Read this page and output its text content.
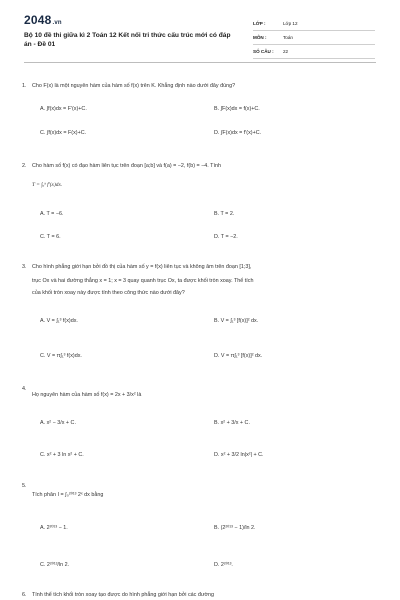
2048.vn
Bộ 10 đề thi giữa kì 2 Toán 12 Kết nối tri thức cấu trúc mới có đáp án - Đề 01
LỚP :	Lớp 12
MÔN :	Toán
SỐ CÂU :	22
1. Cho F(x) là một nguyên hàm của hàm số f(x) trên K. Khẳng định nào dưới đây đúng?
A. ∫f(x)dx = F′(x)+C.	B. ∫F(x)dx = f(x)+C.
C. ∫f(x)dx = F(x)+C.	D. ∫F(x)dx = f′(x)+C.
2. Cho hàm số f(x) có đạo hàm liên tục trên đoạn [a;b] và f(a) = −2, f(b) = −4. Tính
T = ∫ₐᵇ f′(x)dx.
A. T = −6.	B. T = 2.
C. T = 6.	D. T = −2.
3. Cho hình phẳng giới hạn bởi đồ thị của hàm số y = f(x) liên tục và không âm trên đoạn [1;3],
trục Ox và hai đường thẳng x = 1; x = 3 quay quanh trục Ox, ta được khối tròn xoay. Thể tích
của khối tròn xoay này được tính theo công thức nào dưới đây?
A. V = ∫₁³ f(x)dx.	B. V = ∫₁³ [f(x)]² dx.
C. V = π∫₁³ f(x)dx.	D. V = π∫₁³ [f(x)]² dx.
4.
Họ nguyên hàm của hàm số f(x) = 2x + 3/x² là
A. x² − 3/x + C.	B. x² + 3/x + C.
C. x² + 3 ln x² + C.	D. x² + 3/2 ln|x²| + C.
5.
Tích phân I = ∫₀²⁰¹³ 2ˣ dx bằng
A. 2²⁰¹³ − 1.	B. (2²⁰¹³ − 1)/ln 2.
C. 2²⁰¹³/ln 2.	D. 2²⁰¹³.
6. Tính thể tích khối tròn xoay tạo được do hình phẳng giới hạn bởi các đường
